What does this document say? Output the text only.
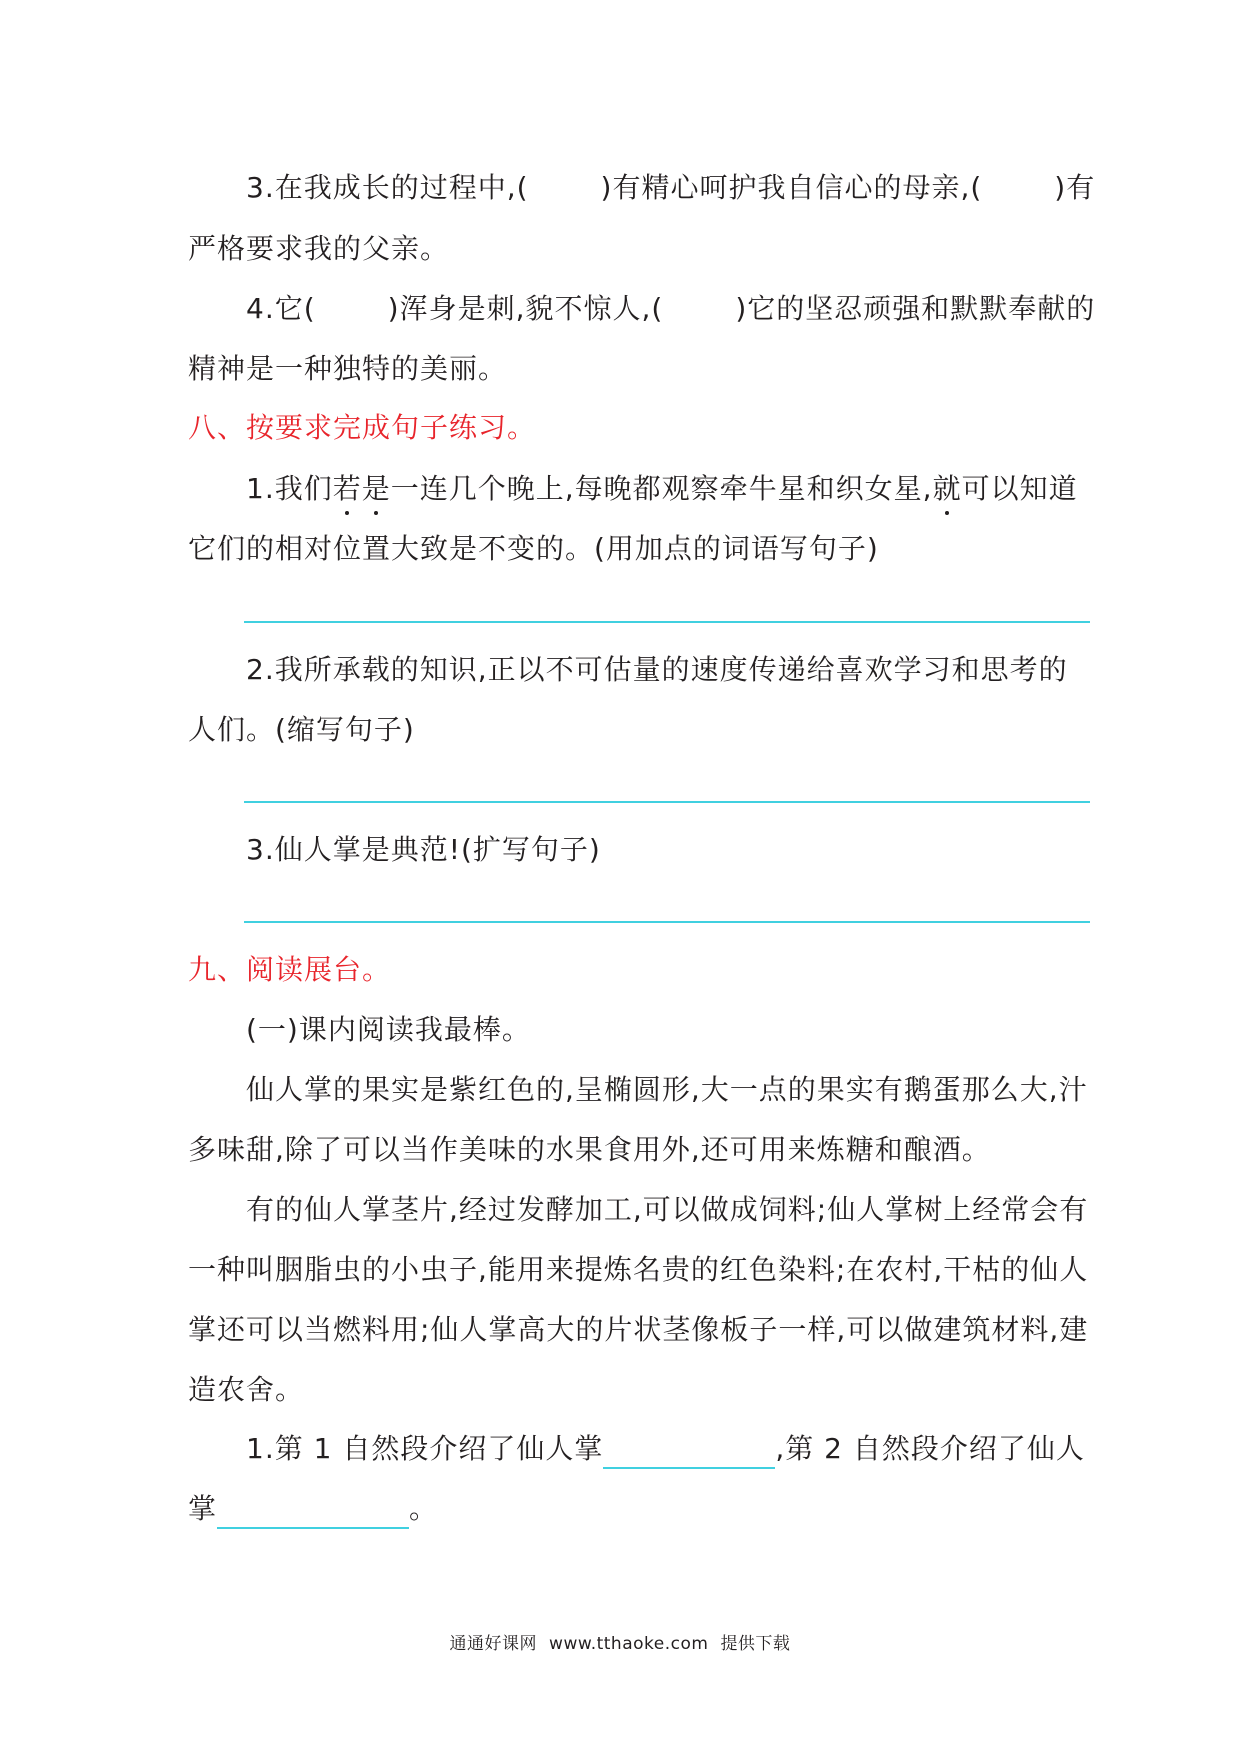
3.在我成长的过程中,(	)有精心呵护我自信心的母亲,(	)有
严格要求我的父亲。
4.它(	)浑身是刺,貌不惊人,(	)它的坚忍顽强和默默奉献的
精神是一种独特的美丽。
八、按要求完成句子练习。
1.我们若是一连几个晚上,每晚都观察牵牛星和织女星,就可以知道
它们的相对位置大致是不变的。(用加点的词语写句子)
2.我所承载的知识,正以不可估量的速度传递给喜欢学习和思考的
人们。(缩写句子)
3.仙人掌是典范!(扩写句子)
九、阅读展台。
(一)课内阅读我最棒。
仙人掌的果实是紫红色的,呈椭圆形,大一点的果实有鹅蛋那么大,汁
多味甜,除了可以当作美味的水果食用外,还可用来炼糖和酿酒。
有的仙人掌茎片,经过发酵加工,可以做成饲料;仙人掌树上经常会有
一种叫胭脂虫的小虫子,能用来提炼名贵的红色染料;在农村,干枯的仙人
掌还可以当燃料用;仙人掌高大的片状茎像板子一样,可以做建筑材料,建
造农舍。
1.第 1 自然段介绍了仙人掌	,第 2 自然段介绍了仙人
掌	。
通通好课网 www.tthaoke.com 提供下载
